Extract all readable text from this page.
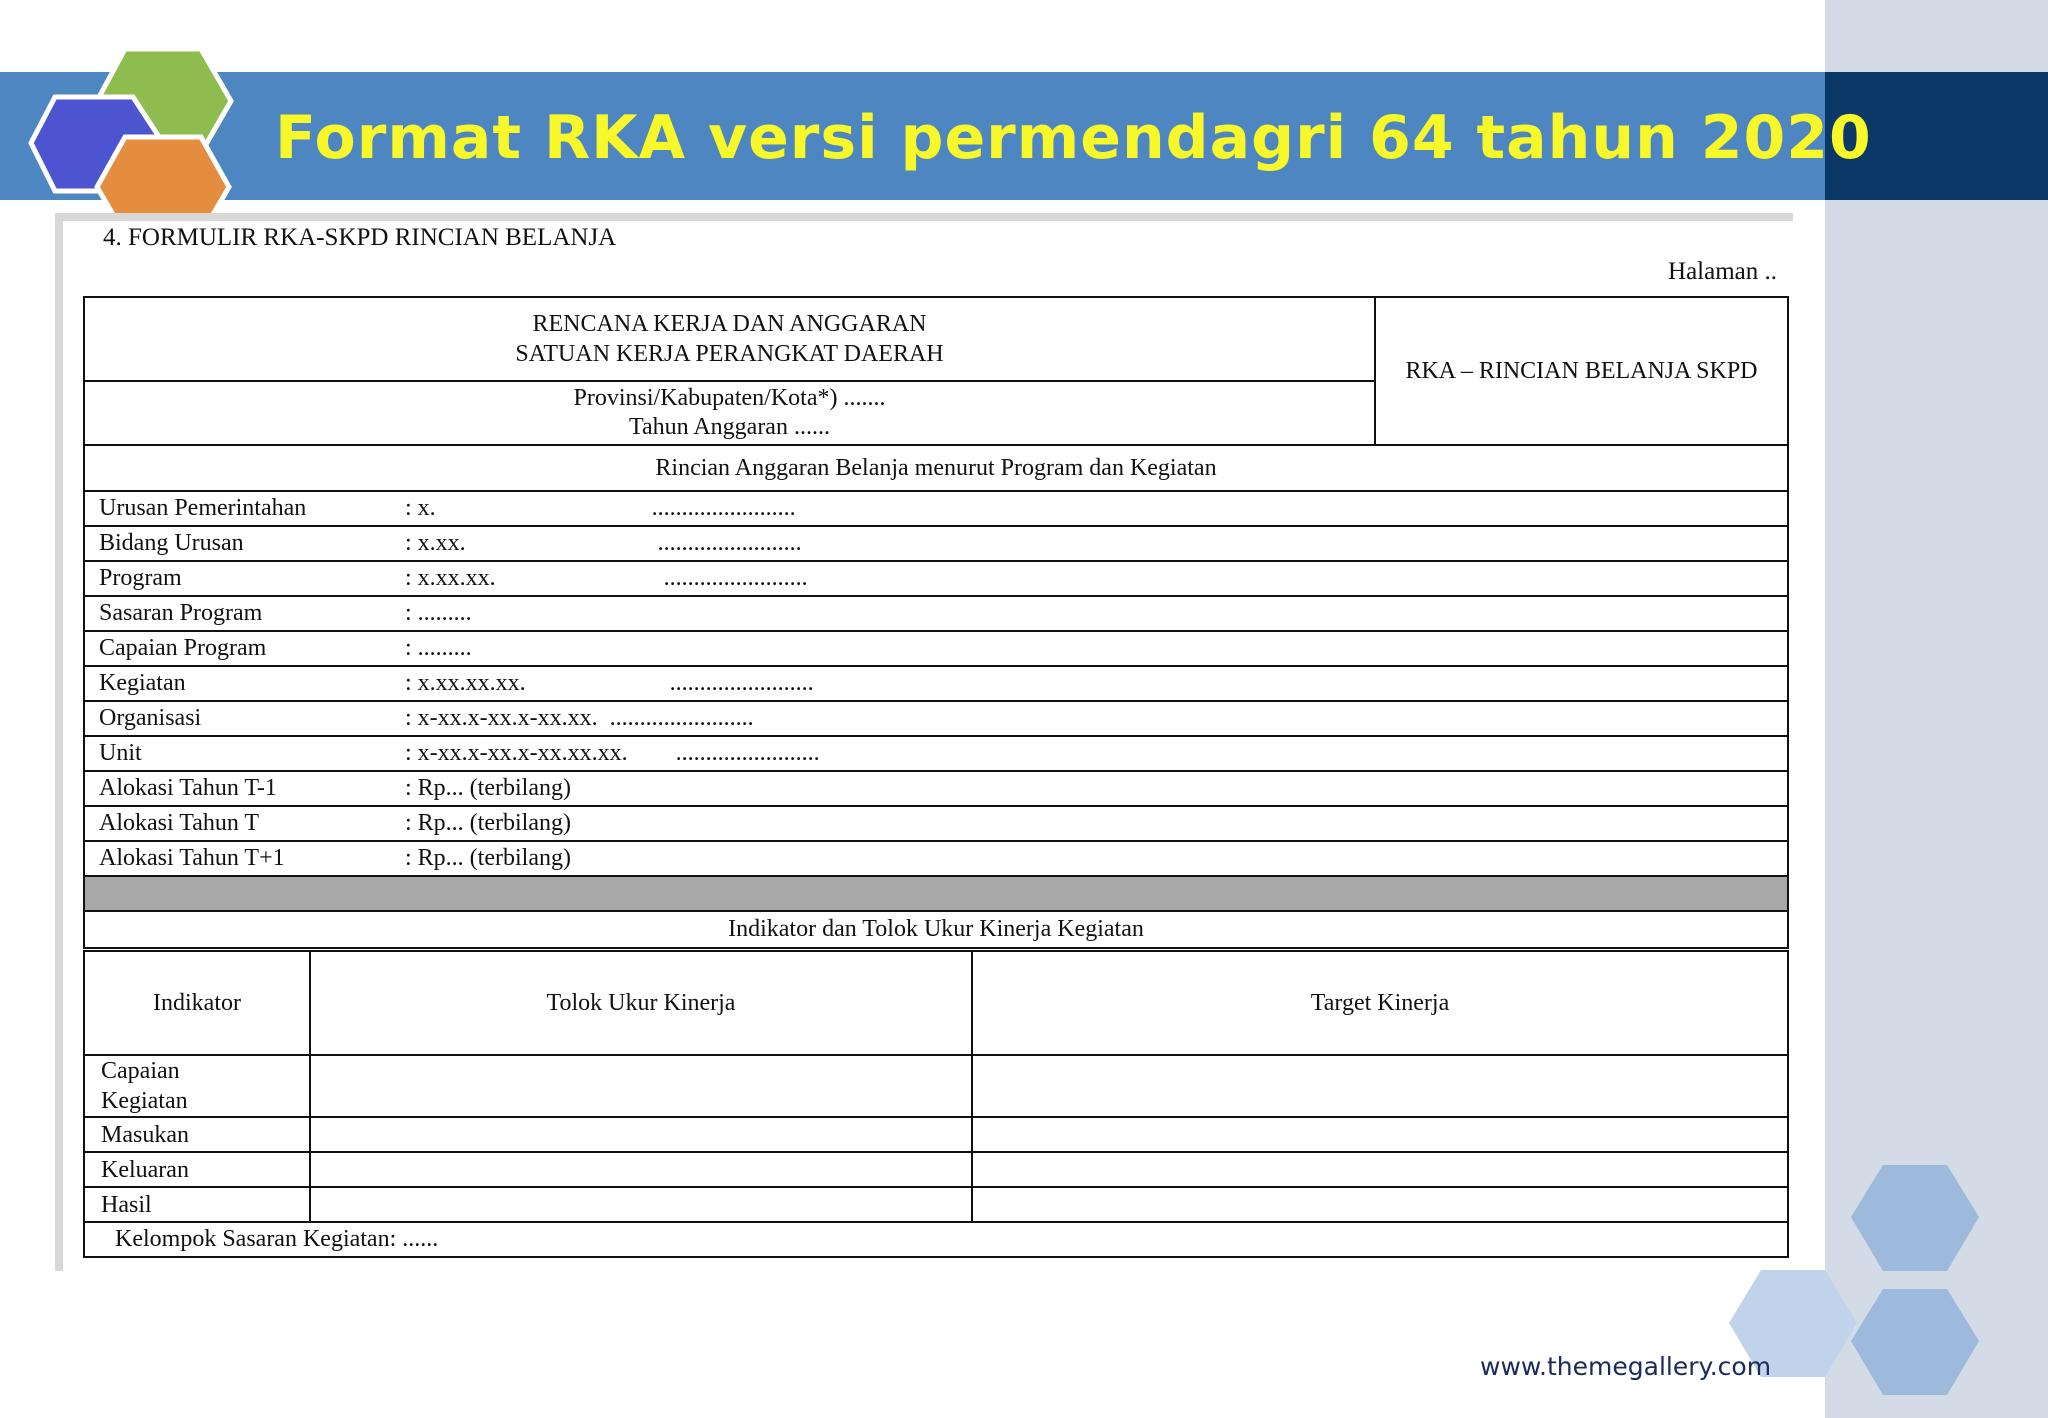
Format RKA versi permendagri 64 tahun 2020
4. FORMULIR RKA-SKPD RINCIAN BELANJA
Halaman ..
RENCANA KERJA DAN ANGGARAN
SATUAN KERJA PERANGKAT DAERAH
	RKA – RINCIAN BELANJA SKPD

Provinsi/Kabupaten/Kota*) .......
Tahun Anggaran ......
Rincian Anggaran Belanja menurut Program dan Kegiatan	
Urusan Pemerintahan	: x.                                    ........................
Bidang Urusan	: x.xx.                                ........................
Program	: x.xx.xx.                            ........................
Sasaran Program	: .........
Capaian Program	: .........
Kegiatan	: x.xx.xx.xx.                        ........................
Organisasi	: x-xx.x-xx.x-xx.xx.  ........................
Unit	: x-xx.x-xx.x-xx.xx.xx.        ........................
Alokasi Tahun T-1	: Rp... (terbilang)
Alokasi Tahun T	: Rp... (terbilang)
Alokasi Tahun T+1	: Rp... (terbilang)

Indikator dan Tolok Ukur Kinerja Kegiatan	
Indikator	Tolok Ukur Kinerja	Target Kinerja

Capaian Kegiatan		

Masukan		
Keluaran		
Hasil		
Kelompok Sasaran Kegiatan: ......		
www.themegallery.com
